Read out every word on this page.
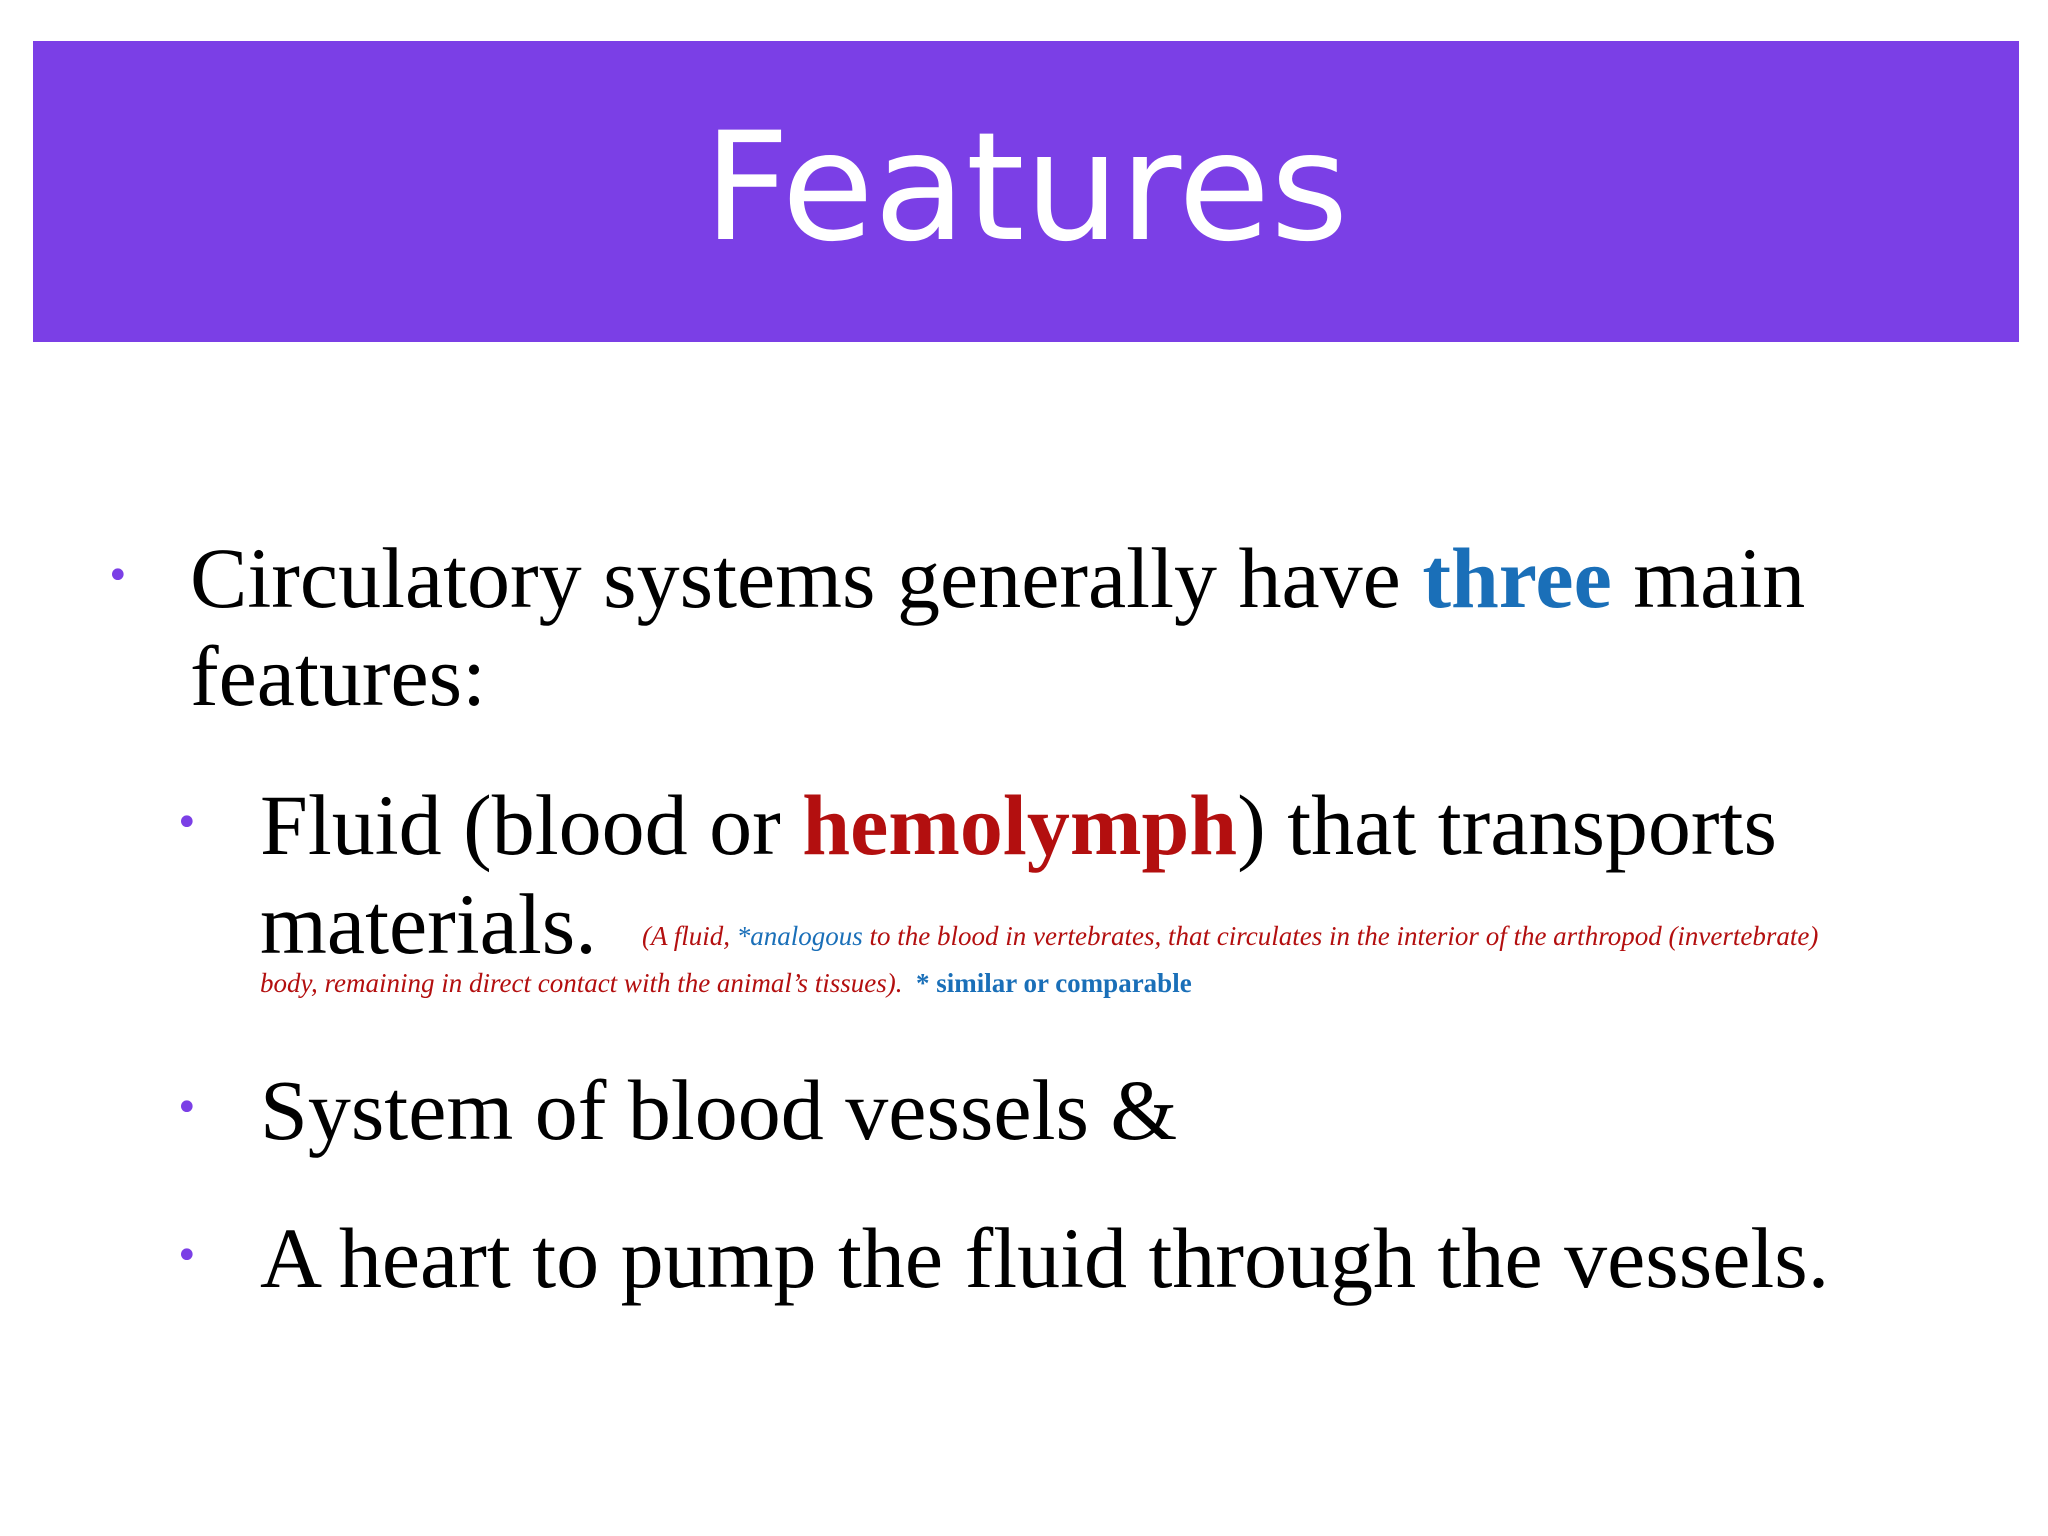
Features
• Circulatory systems generally have three main
features:
• Fluid (blood or hemolymph) that transports
materials. (A fluid, *analogous to the blood in vertebrates, that circulates in the interior of the arthropod (invertebrate)
body, remaining in direct contact with the animal’s tissues). * similar or comparable
• System of blood vessels &
• A heart to pump the fluid through the vessels.
